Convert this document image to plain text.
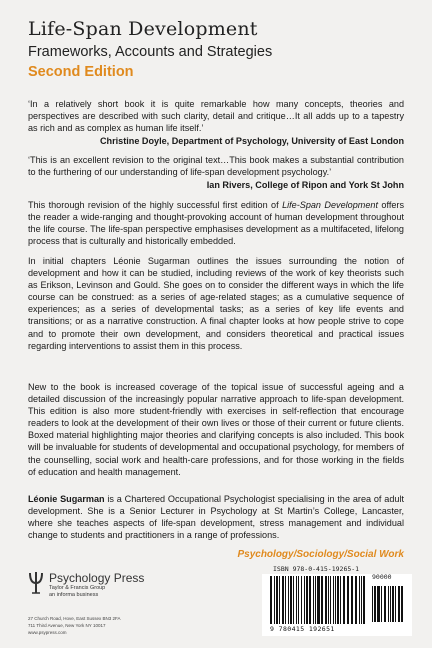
Life-Span Development
Frameworks, Accounts and Strategies
Second Edition

‘In a relatively short book it is quite remarkable how many concepts, theories and perspectives are described with such clarity, detail and critique…It all adds up to a tapestry as rich and as complex as human life itself.’

Christine Doyle, Department of Psychology, University of East London

‘This is an excellent revision to the original text…This book makes a substantial contribution to the furthering of our understanding of life-span development psychology.’

Ian Rivers, College of Ripon and York St John

This thorough revision of the highly successful first edition of Life-Span Development offers the reader a wide-ranging and thought-provoking account of human development throughout the life course. The life-span perspective emphasises development as a multifaceted, lifelong process that is culturally and historically embedded.

In initial chapters Léonie Sugarman outlines the issues surrounding the notion of development and how it can be studied, including reviews of the work of key theorists such as Erikson, Levinson and Gould. She goes on to consider the different ways in which the life course can be construed: as a series of age-related stages; as a cumulative sequence of experiences; as a series of developmental tasks; as a series of key life events and transitions; or as a narrative construction. A final chapter looks at how people strive to cope and to promote their own development, and considers theoretical and practical issues regarding interventions to assist them in this process.

New to the book is increased coverage of the topical issue of successful ageing and a detailed discussion of the increasingly popular narrative approach to life-span development. This edition is also more student-friendly with exercises in self-reflection that encourage readers to look at the development of their own lives or those of their current or future clients. Boxed material highlighting major theories and clarifying concepts is also included. This book will be invaluable for students of developmental and occupational psychology, for members of the counselling, social work and health-care professions, and for those working in the fields of education and health management.

Léonie Sugarman is a Chartered Occupational Psychologist specialising in the area of adult development. She is a Senior Lecturer in Psychology at St Martin’s College, Lancaster, where she teaches aspects of life-span development, stress management and individual change to students and practitioners in a range of professions.

Psychology/Sociology/Social Work
Psychology Press
Taylor & Francis Group
an informa business
27 Church Road, Hove, East Sussex BN3 2FA
711 Third Avenue, New York NY 10017
www.psypress.com
ISBN 978-0-415-19265-1
9 780415 192651
90000
